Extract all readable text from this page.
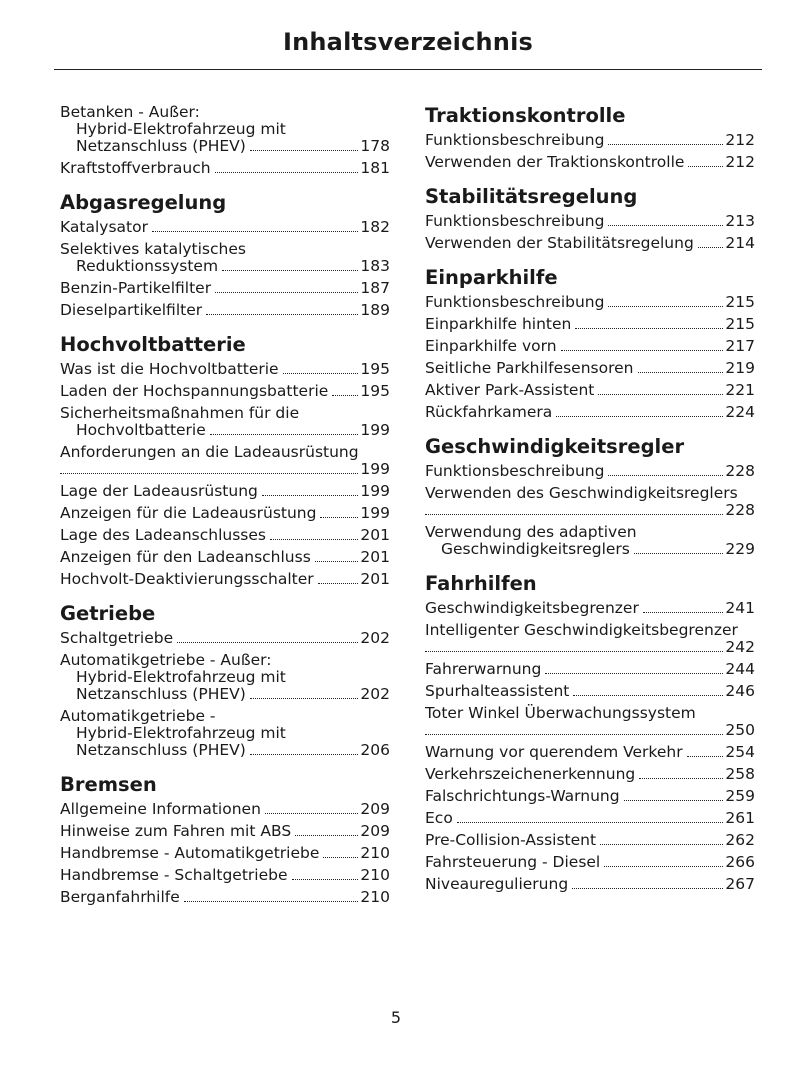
Inhaltsverzeichnis
Betanken - Außer:
Hybrid-Elektrofahrzeug mit
Netzanschluss (PHEV)	178
Kraftstoffverbrauch	181
Abgasregelung
Katalysator	182
Selektives katalytisches
Reduktionssystem	183
Benzin-Partikelfilter	187
Dieselpartikelfilter	189
Hochvoltbatterie
Was ist die Hochvoltbatterie	195
Laden der Hochspannungsbatterie 195
Sicherheitsmaßnahmen für die
Hochvoltbatterie	199
Anforderungen an die Ladeausrüstung
199
Lage der Ladeausrüstung	199
Anzeigen für die Ladeausrüstung	199
Lage des Ladeanschlusses	201
Anzeigen für den Ladeanschluss	201
Hochvolt-Deaktivierungsschalter	201
Getriebe
Schaltgetriebe	202
Automatikgetriebe - Außer:
Hybrid-Elektrofahrzeug mit
Netzanschluss (PHEV)	202
Automatikgetriebe -
Hybrid-Elektrofahrzeug mit
Netzanschluss (PHEV)	206
Bremsen
Allgemeine Informationen	209
Hinweise zum Fahren mit ABS	209
Handbremse - Automatikgetriebe	210
Handbremse - Schaltgetriebe	210
Berganfahrhilfe	210
Traktionskontrolle
Funktionsbeschreibung	212
Verwenden der Traktionskontrolle	212
Stabilitätsregelung
Funktionsbeschreibung	213
Verwenden der Stabilitätsregelung 214
Einparkhilfe
Funktionsbeschreibung	215
Einparkhilfe hinten	215
Einparkhilfe vorn	217
Seitliche Parkhilfesensoren	219
Aktiver Park-Assistent	221
Rückfahrkamera	224
Geschwindigkeitsregler
Funktionsbeschreibung	228
Verwenden des Geschwindigkeitsreglers
228
Verwendung des adaptiven
Geschwindigkeitsreglers	229
Fahrhilfen
Geschwindigkeitsbegrenzer	241
Intelligenter Geschwindigkeitsbegrenzer
242
Fahrerwarnung	244
Spurhalteassistent	246
Toter Winkel Überwachungssystem
250
Warnung vor querendem Verkehr	254
Verkehrszeichenerkennung	258
Falschrichtungs-Warnung	259
Eco	261
Pre-Collision-Assistent	262
Fahrsteuerung - Diesel	266
Niveauregulierung	267
5
